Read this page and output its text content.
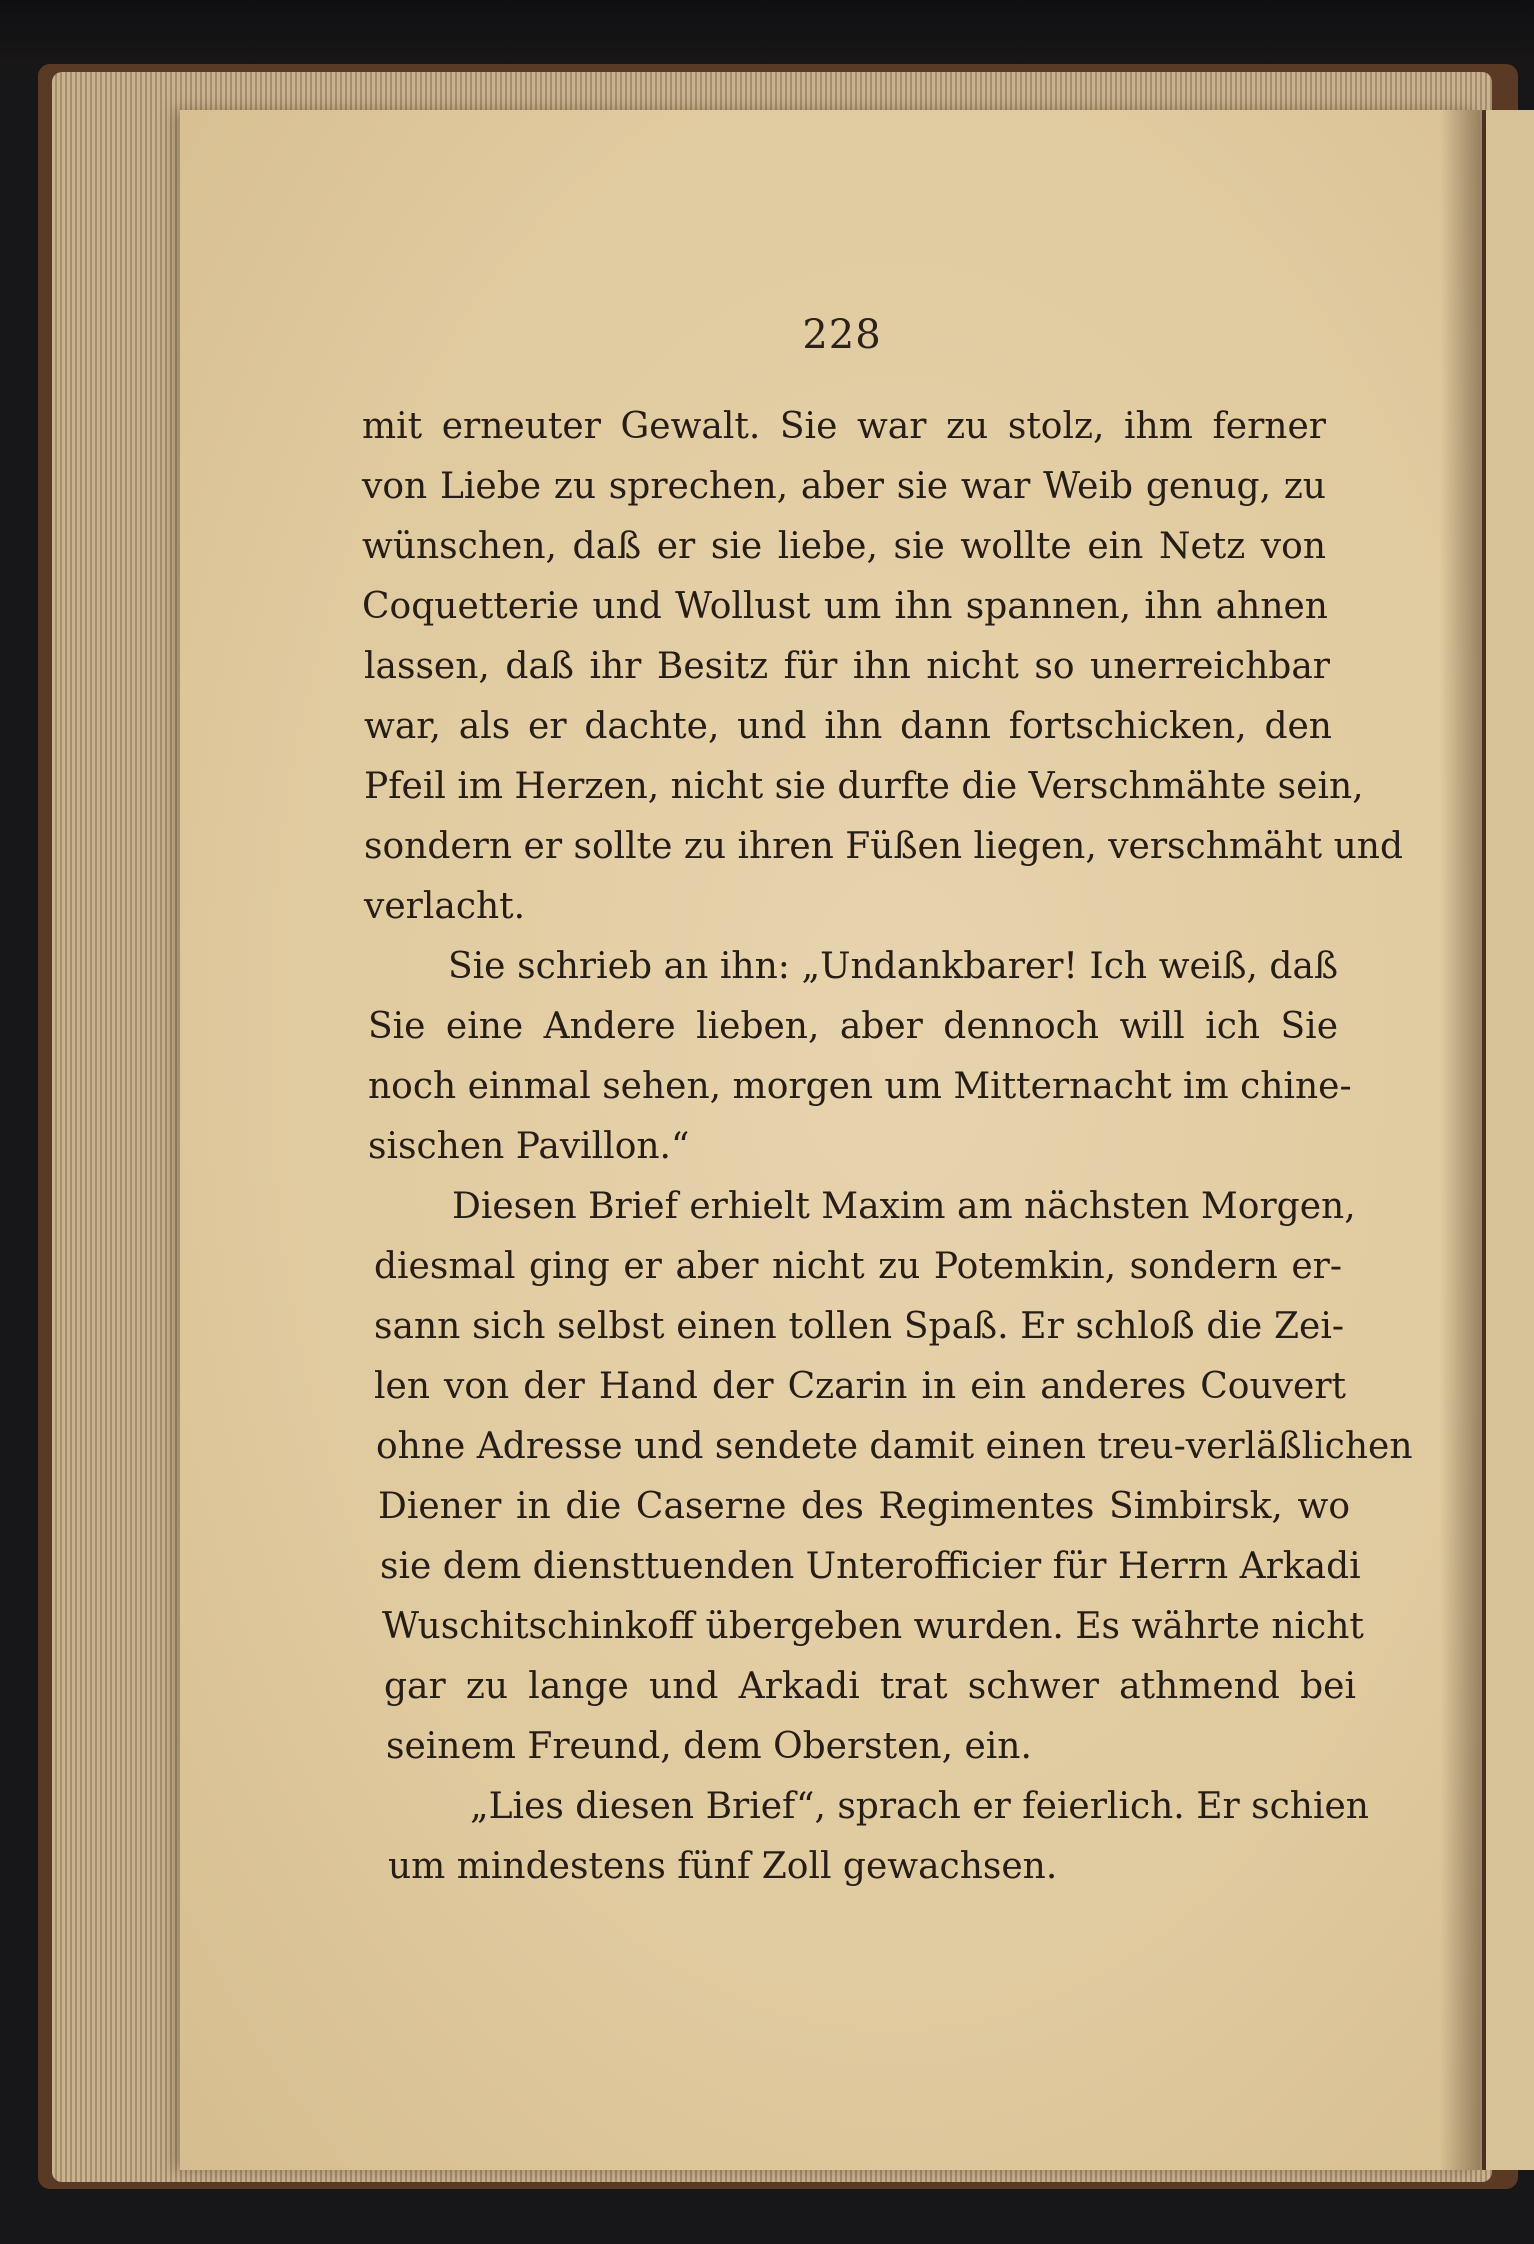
228

mit erneuter Gewalt. Sie war zu stolz, ihm ferner

von Liebe zu sprechen, aber sie war Weib genug, zu

wünschen, daß er sie liebe, sie wollte ein Netz von

Coquetterie und Wollust um ihn spannen, ihn ahnen

lassen, daß ihr Besitz für ihn nicht so unerreichbar

war, als er dachte, und ihn dann fortschicken, den

Pfeil im Herzen, nicht sie durfte die Verschmähte sein,

sondern er sollte zu ihren Füßen liegen, verschmäht und

verlacht.

Sie schrieb an ihn: „Undankbarer! Ich weiß, daß

Sie eine Andere lieben, aber dennoch will ich Sie

noch einmal sehen, morgen um Mitternacht im chine-

sischen Pavillon.“

Diesen Brief erhielt Maxim am nächsten Morgen,

diesmal ging er aber nicht zu Potemkin, sondern er-

sann sich selbst einen tollen Spaß. Er schloß die Zei-

len von der Hand der Czarin in ein anderes Couvert

ohne Adresse und sendete damit einen treu-verläßlichen

Diener in die Caserne des Regimentes Simbirsk, wo

sie dem diensttuenden Unterofficier für Herrn Arkadi

Wuschitschinkoff übergeben wurden. Es währte nicht

gar zu lange und Arkadi trat schwer athmend bei

seinem Freund, dem Obersten, ein.

„Lies diesen Brief“, sprach er feierlich. Er schien

um mindestens fünf Zoll gewachsen.
